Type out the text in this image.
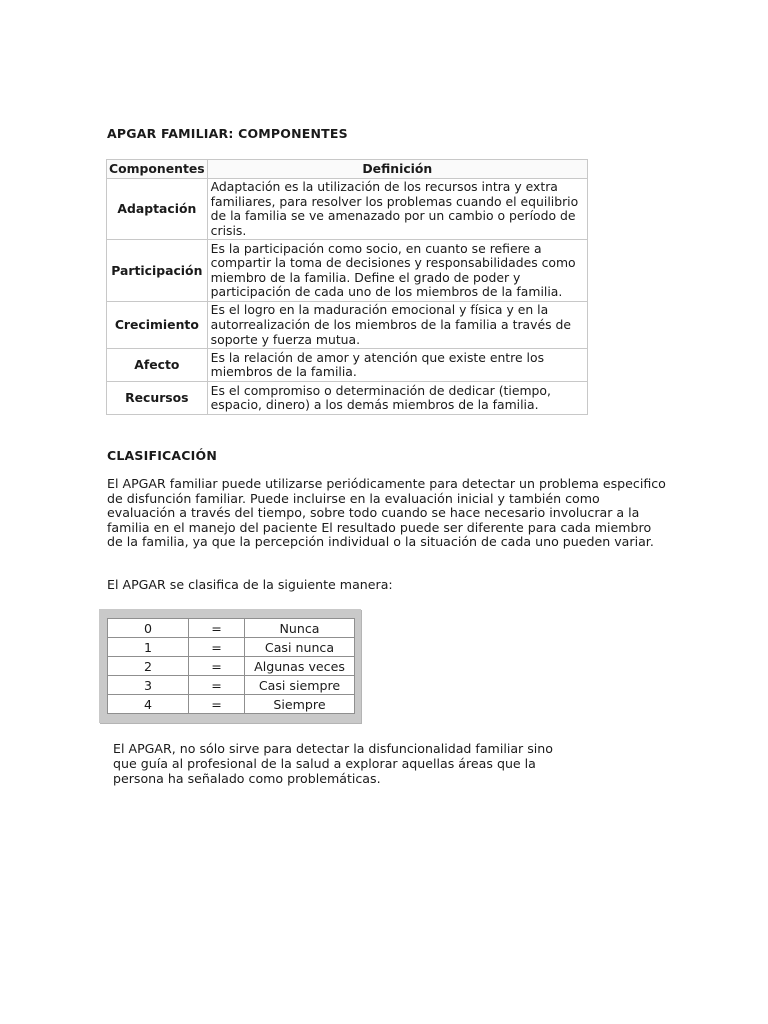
APGAR FAMILIAR: COMPONENTES
Componentes	Definición
Adaptación	Adaptación es la utilización de los recursos intra y extra familiares, para resolver los problemas cuando el equilibrio de la familia se ve amenazado por un cambio o período de crisis.
Participación	Es la participación como socio, en cuanto se refiere a compartir la toma de decisiones y responsabilidades como miembro de la familia. Define el grado de poder y participación de cada uno de los miembros de la familia.
Crecimiento	Es el logro en la maduración emocional y física y en la autorrealización de los miembros de la familia a través de soporte y fuerza mutua.
Afecto	Es la relación de amor y atención que existe entre los miembros de la familia.
Recursos	Es el compromiso o determinación de dedicar (tiempo, espacio, dinero) a los demás miembros de la familia.
CLASIFICACIÓN

El APGAR familiar puede utilizarse periódicamente para detectar un problema especifico de disfunción familiar. Puede incluirse en la evaluación inicial y también como evaluación a través del tiempo, sobre todo cuando se hace necesario involucrar a la familia en el manejo del paciente El resultado puede ser diferente para cada miembro de la familia, ya que la percepción individual o la situación de cada uno pueden variar.

El APGAR se clasifica de la siguiente manera:

0	=	Nunca
1	=	Casi nunca
2	=	Algunas veces
3	=	Casi siempre
4	=	Siempre

El APGAR, no sólo sirve para detectar la disfuncionalidad familiar sino que guía al profesional de la salud a explorar aquellas áreas que la persona ha señalado como problemáticas.
